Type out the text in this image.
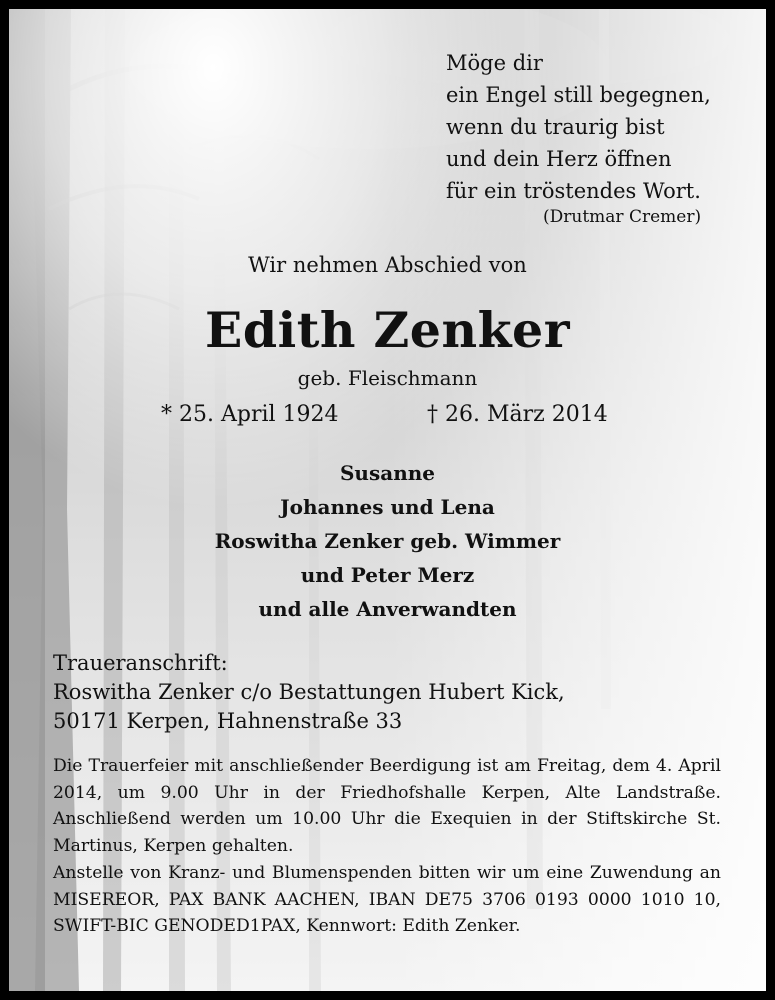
Möge dir
ein Engel still begegnen,
wenn du traurig bist
und dein Herz öffnen
für ein tröstendes Wort.
(Drutmar Cremer)
Wir nehmen Abschied von
Edith Zenker
geb. Fleischmann
* 25. April 1924	† 26. März 2014
Susanne
Johannes und Lena
Roswitha Zenker geb. Wimmer
und Peter Merz
und alle Anverwandten
Traueranschrift:
Roswitha Zenker c/o Bestattungen Hubert Kick,
50171 Kerpen, Hahnenstraße 33
Die Trauerfeier mit anschließender Beerdigung ist am Freitag, dem 4. April 2014, um 9.00 Uhr in der Friedhofshalle Kerpen, Alte Landstraße. Anschließend werden um 10.00 Uhr die Exequien in der Stiftskirche St. Martinus, Kerpen gehalten.
Anstelle von Kranz- und Blumenspenden bitten wir um eine Zuwendung an MISEREOR, PAX BANK AACHEN, IBAN DE75 3706 0193 0000 1010 10, SWIFT-BIC GENODED1PAX, Kennwort: Edith Zenker.
